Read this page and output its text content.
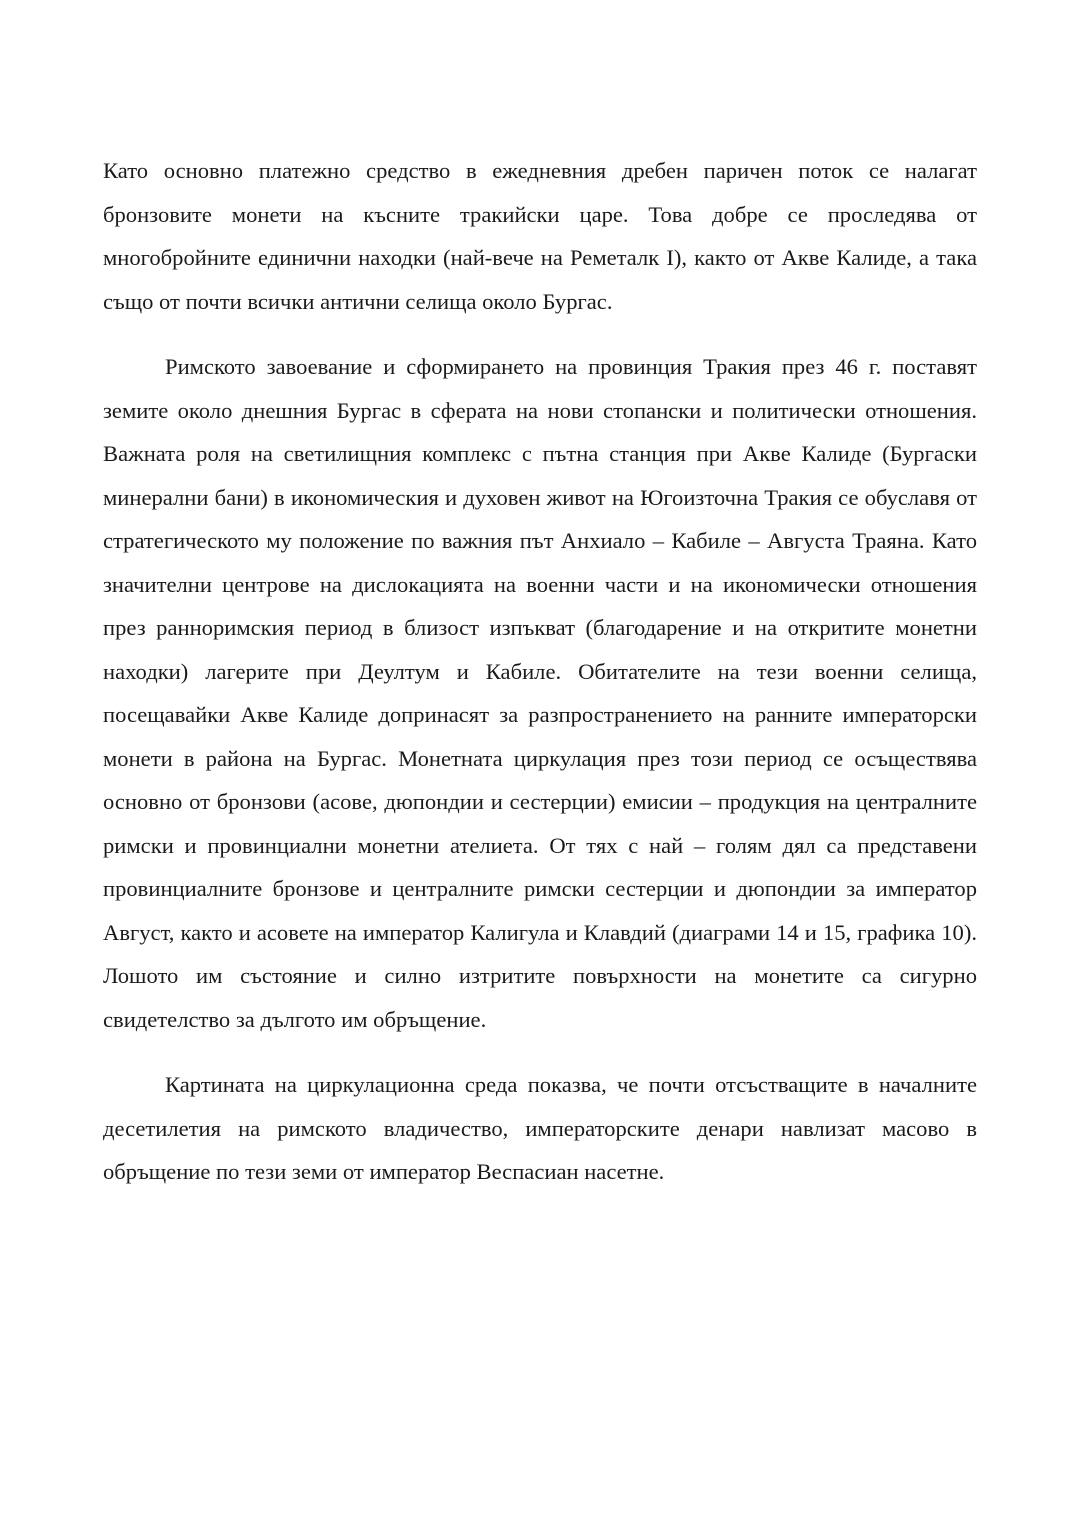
Като основно платежно средство в ежедневния дребен паричен поток се налагат бронзовите монети на късните тракийски царе. Това добре се проследява от многобройните единични находки (най-вече на Реметалк I), както от Акве Калиде, а така също от почти всички антични селища около Бургас.

Римското завоевание и сформирането на провинция Тракия през 46 г. поставят земите около днешния Бургас в сферата на нови стопански и политически отношения. Важната роля на светилищния комплекс с пътна станция при Акве Калиде (Бургаски минерални бани) в икономическия и духовен живот на Югоизточна Тракия се обуславя от стратегическото му положение по важния път Анхиало – Кабиле – Августа Траяна. Като значителни центрове на дислокацията на военни части и на икономически отношения през ранноримския период в близост изпъкват (благодарение и на откритите монетни находки) лагерите при Деултум и Кабиле. Обитателите на тези военни селища, посещавайки Акве Калиде допринасят за разпространението на ранните императорски монети в района на Бургас. Монетната циркулация през този период се осъществява основно от бронзови (асове, дюпондии и сестерции) емисии – продукция на централните римски и провинциални монетни ателиета. От тях с най – голям дял са представени провинциалните бронзове и централните римски сестерции и дюпондии за император Август, както и асовете на император Калигула и Клавдий (диаграми 14 и 15, графика 10). Лошото им състояние и силно изтритите повърхности на монетите са сигурно свидетелство за дългото им обръщение.

Картината на циркулационна среда показва, че почти отсъстващите в началните десетилетия на римското владичество, императорските денари навлизат масово в обръщение по тези земи от император Веспасиан насетне.
